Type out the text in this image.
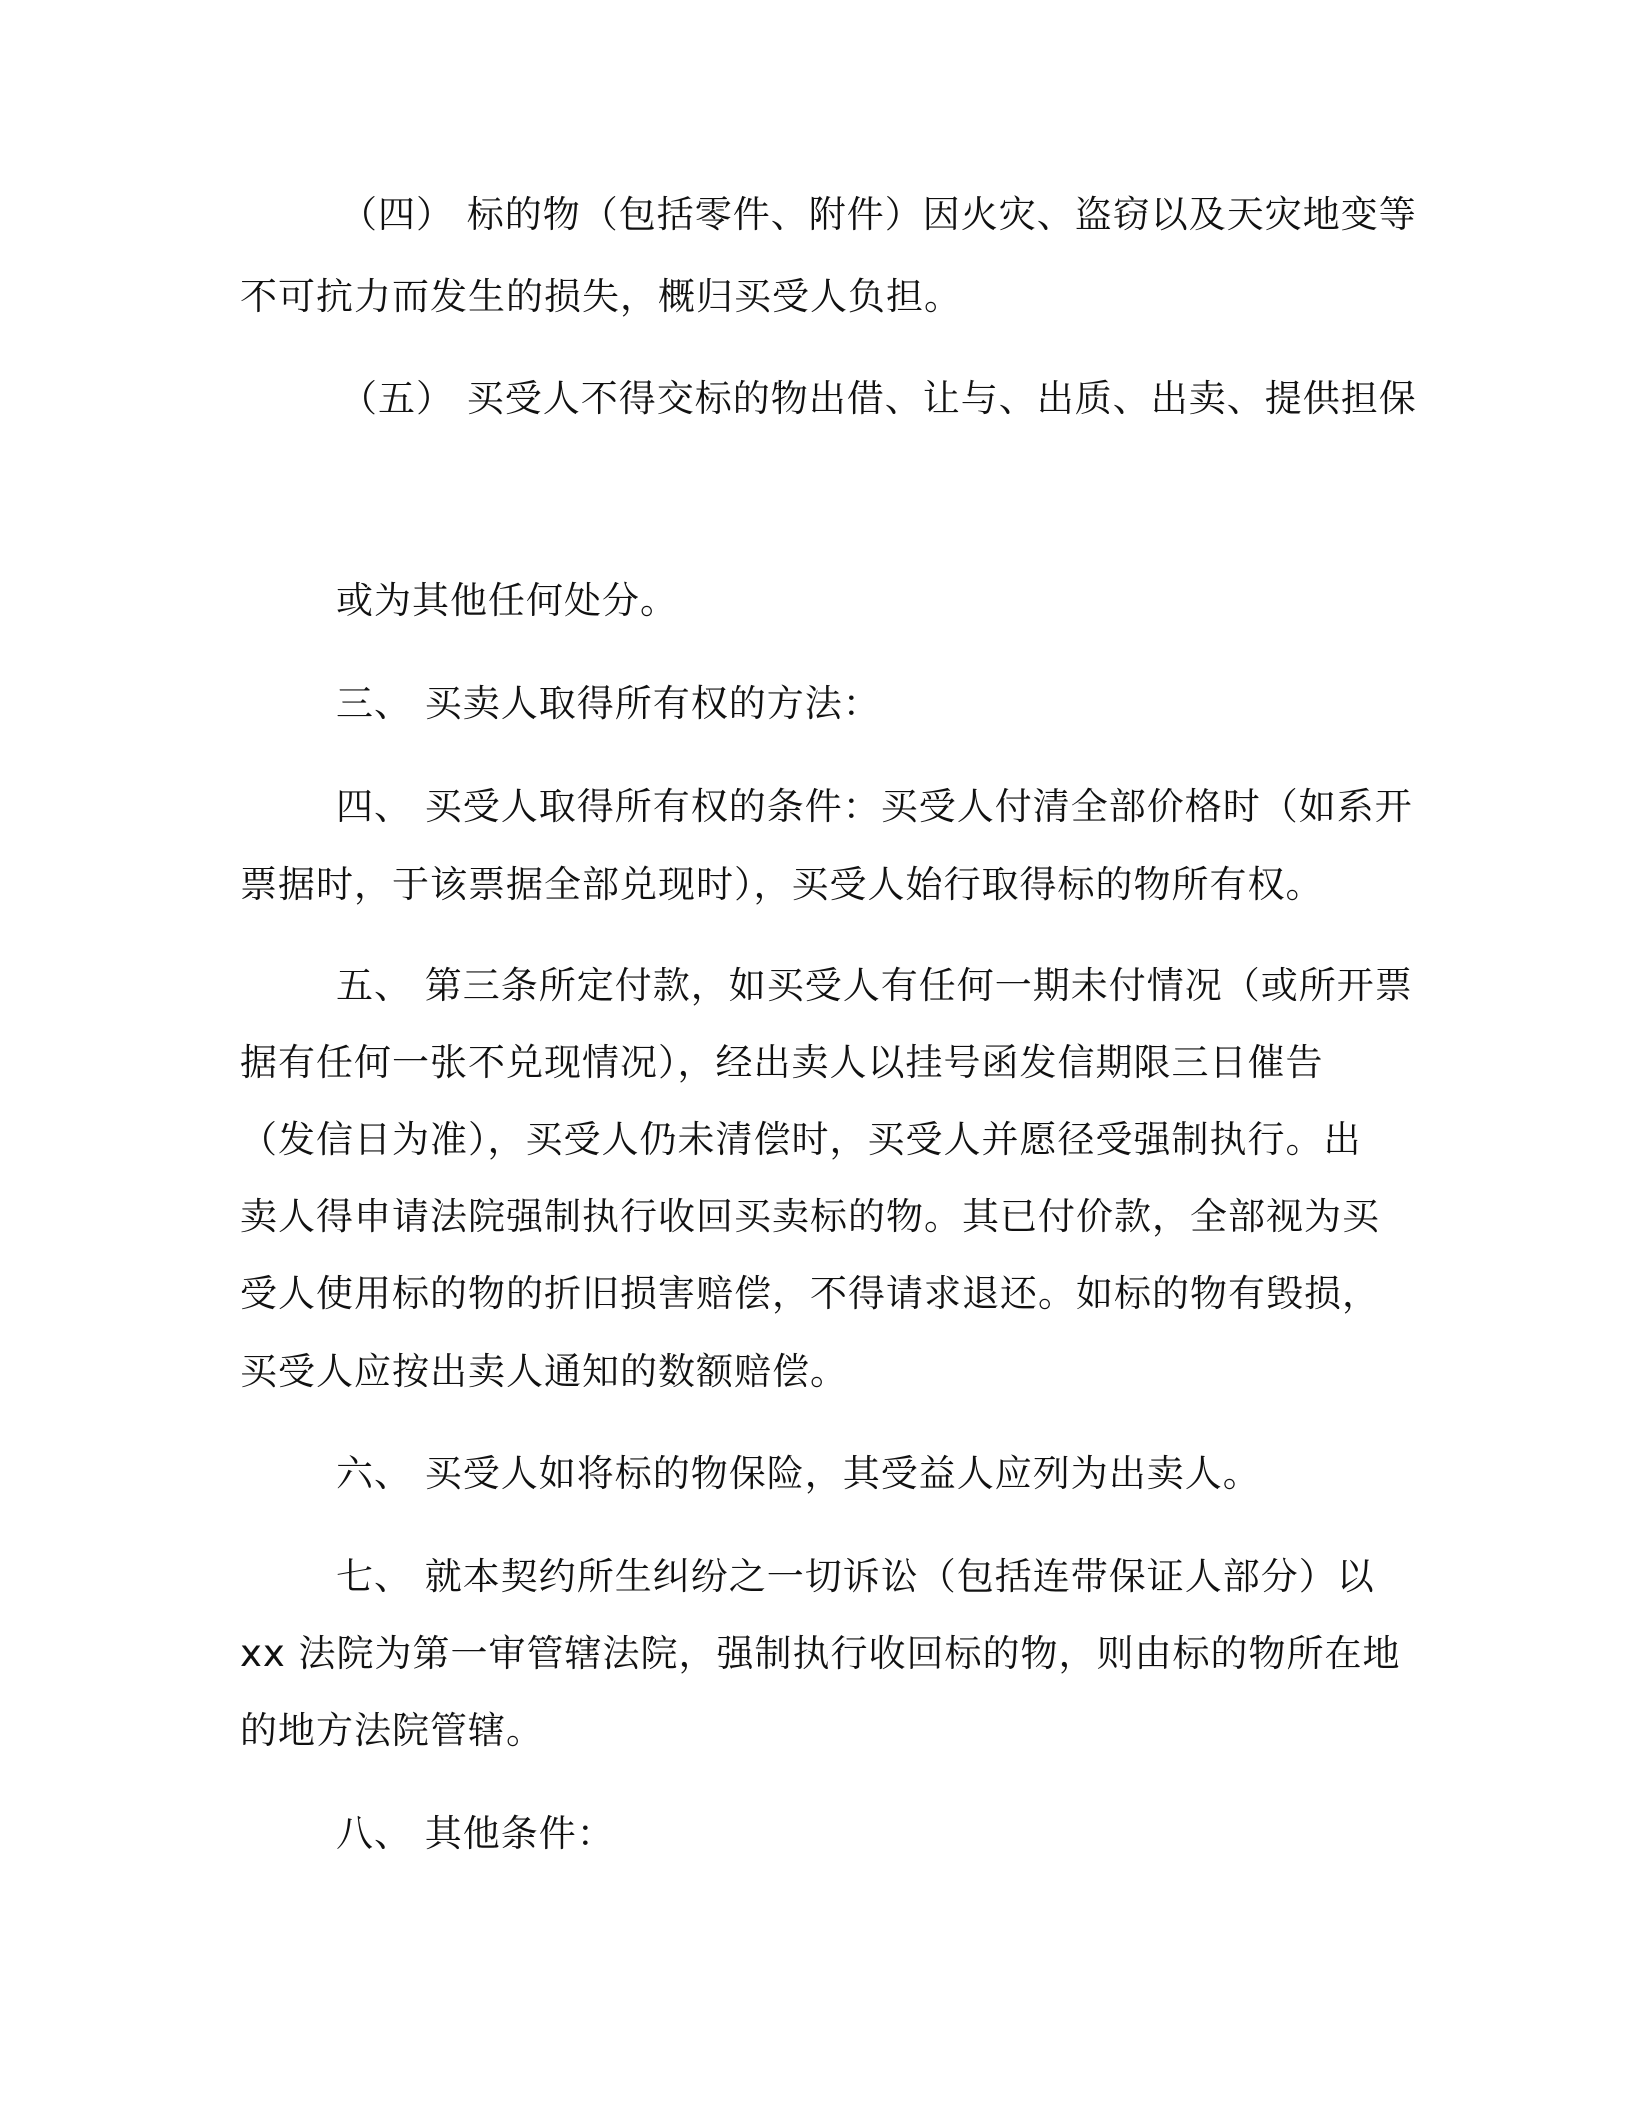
（四） 标的物（包括零件、附件）因火灾、盗窃以及天灾地变等

不可抗力而发生的损失，概归买受人负担。

（五） 买受人不得交标的物出借、让与、出质、出卖、提供担保

或为其他任何处分。

三、 买卖人取得所有权的方法：

四、 买受人取得所有权的条件：买受人付清全部价格时（如系开

票据时，于该票据全部兑现时），买受人始行取得标的物所有权。

五、 第三条所定付款，如买受人有任何一期未付情况（或所开票

据有任何一张不兑现情况），经出卖人以挂号函发信期限三日催告

（发信日为准），买受人仍未清偿时，买受人并愿径受强制执行。出

卖人得申请法院强制执行收回买卖标的物。其已付价款，全部视为买

受人使用标的物的折旧损害赔偿，不得请求退还。如标的物有毁损，

买受人应按出卖人通知的数额赔偿。

六、 买受人如将标的物保险，其受益人应列为出卖人。

七、 就本契约所生纠纷之一切诉讼（包括连带保证人部分）以

xx 法院为第一审管辖法院，强制执行收回标的物，则由标的物所在地

的地方法院管辖。

八、 其他条件：
